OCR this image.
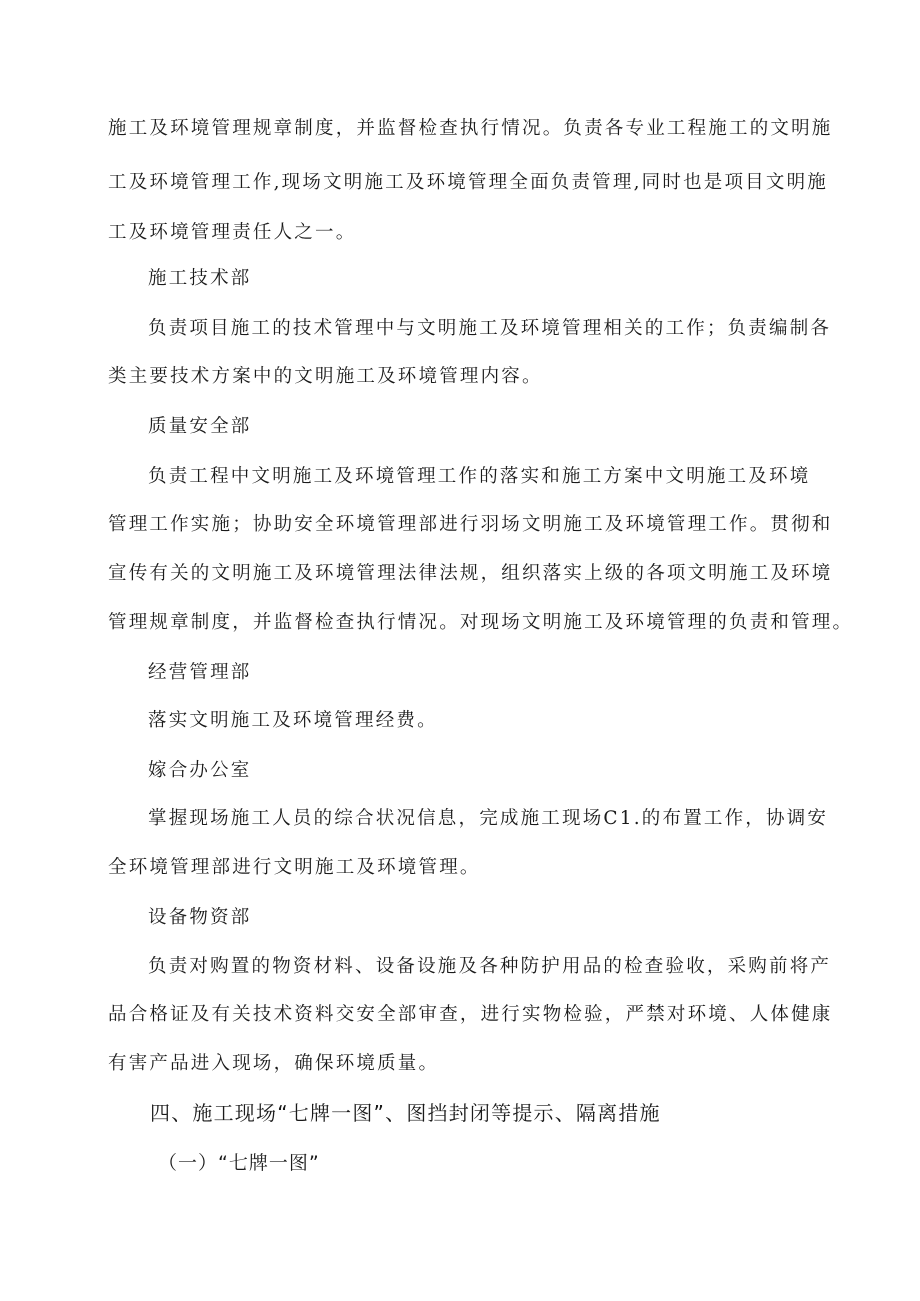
施工及环境管理规章制度，并监督检查执行情况。负责各专业工程施工的文明施
工及环境管理工作,现场文明施工及环境管理全面负责管理,同时也是项目文明施
工及环境管理责任人之一。
施工技术部
负责项目施工的技术管理中与文明施工及环境管理相关的工作；负责编制各
类主要技术方案中的文明施工及环境管理内容。
质量安全部
负责工程中文明施工及环境管理工作的落实和施工方案中文明施工及环境
管理工作实施；协助安全环境管理部进行羽场文明施工及环境管理工作。贯彻和
宣传有关的文明施工及环境管理法律法规，组织落实上级的各项文明施工及环境
管理规章制度，并监督检查执行情况。对现场文明施工及环境管理的负责和管理。
经营管理部
落实文明施工及环境管理经费。
嫁合办公室
掌握现场施工人员的综合状况信息，完成施工现场C1.的布置工作，协调安
全环境管理部进行文明施工及环境管理。
设备物资部
负责对购置的物资材料、设备设施及各种防护用品的检查验收，采购前将产
品合格证及有关技术资料交安全部审查，进行实物检验，严禁对环境、人体健康
有害产品进入现场，确保环境质量。
四、施工现场“七牌一图”、图挡封闭等提示、隔离措施
（一）“七牌一图”
